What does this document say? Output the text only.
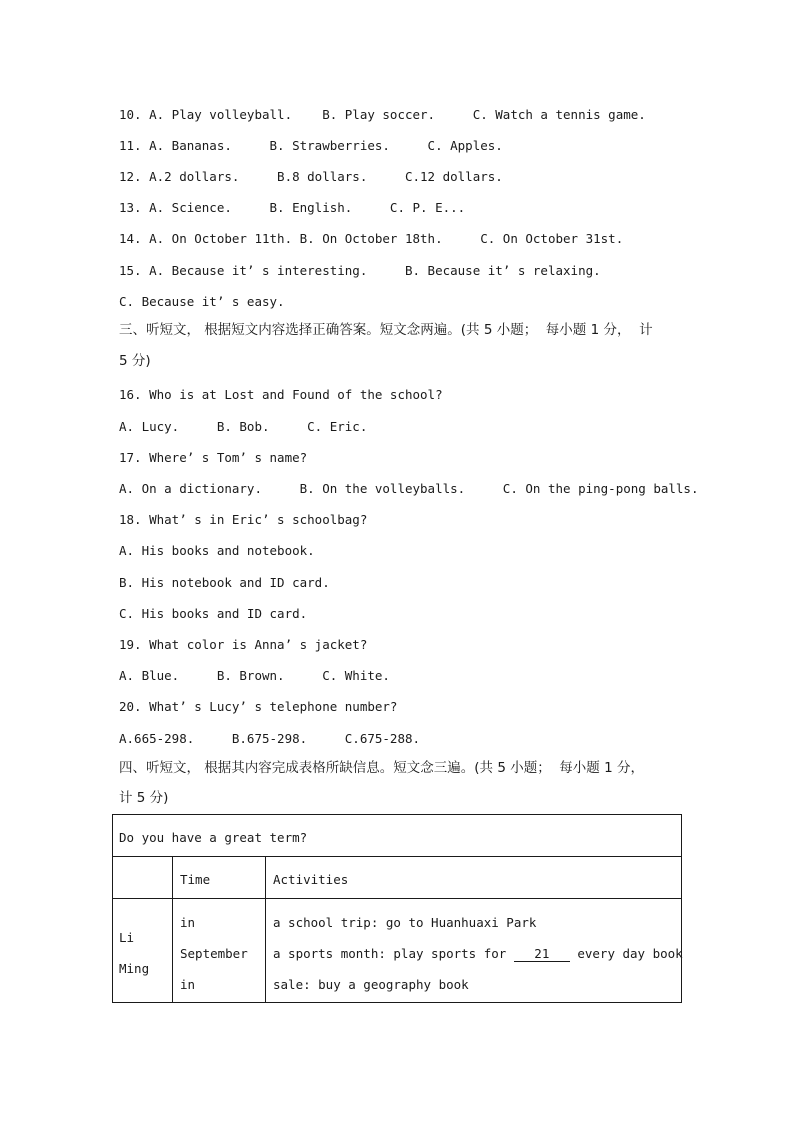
10. A. Play volleyball.    B. Play soccer.     C. Watch a tennis game.
11. A. Bananas.     B. Strawberries.     C. Apples.
12. A.2 dollars.     B.8 dollars.     C.12 dollars.
13. A. Science.     B. English.     C. P. E...
14. A. On October 11th. B. On October 18th.     C. On October 31st.
15. A. Because it’ s interesting.     B. Because it’ s relaxing.
C. Because it’ s easy.
三、听短文， 根据短文内容选择正确答案。短文念两遍。(共 5 小题；  每小题 1 分，  计
5 分)
16. Who is at Lost and Found of the school?
A. Lucy.     B. Bob.     C. Eric.
17. Where’ s Tom’ s name?
A. On a dictionary.     B. On the volleyballs.     C. On the ping-pong balls.
18. What’ s in Eric’ s schoolbag?
A. His books and notebook.
B. His notebook and ID card.
C. His books and ID card.
19. What color is Anna’ s jacket?
A. Blue.     B. Brown.     C. White.
20. What’ s Lucy’ s telephone number?
A.665-298.     B.675-298.     C.675-288.
四、听短文， 根据其内容完成表格所缺信息。短文念三遍。(共 5 小题；  每小题 1 分，
计 5 分)
Do you have a great term?
Time	Activities
Li
Ming
in
September
in
a school trip: go to Huanhuaxi Park
a sports month: play sports for 21 every day book
sale: buy a geography book
